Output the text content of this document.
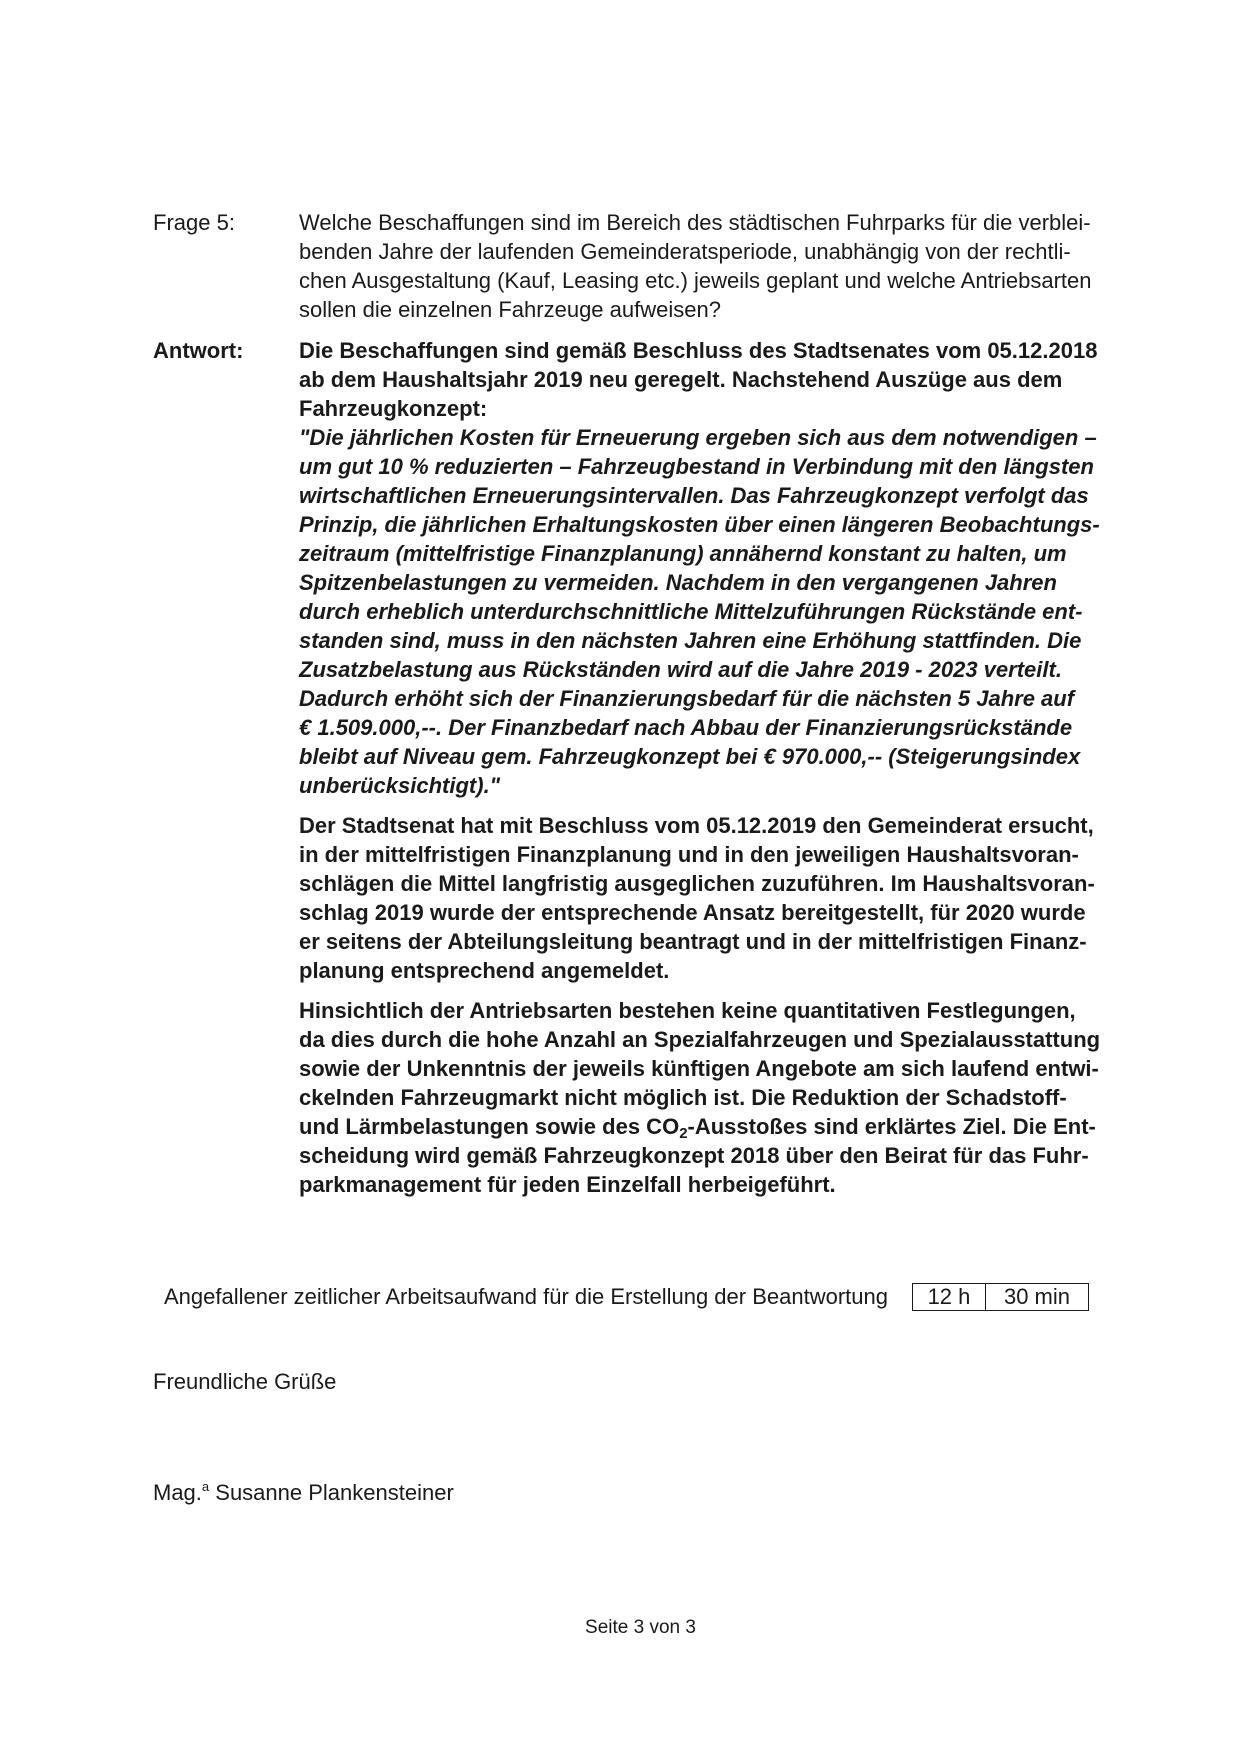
Frage 5:	Welche Beschaffungen sind im Bereich des städtischen Fuhrparks für die verblei-
benden Jahre der laufenden Gemeinderatsperiode, unabhängig von der rechtli-
chen Ausgestaltung (Kauf, Leasing etc.) jeweils geplant und welche Antriebsarten
sollen die einzelnen Fahrzeuge aufweisen?
Antwort:	Die Beschaffungen sind gemäß Beschluss des Stadtsenates vom 05.12.2018
ab dem Haushaltsjahr 2019 neu geregelt. Nachstehend Auszüge aus dem
Fahrzeugkonzept:
"Die jährlichen Kosten für Erneuerung ergeben sich aus dem notwendigen –
um gut 10 % reduzierten – Fahrzeugbestand in Verbindung mit den längsten
wirtschaftlichen Erneuerungsintervallen. Das Fahrzeugkonzept verfolgt das
Prinzip, die jährlichen Erhaltungskosten über einen längeren Beobachtungs-
zeitraum (mittelfristige Finanzplanung) annähernd konstant zu halten, um
Spitzenbelastungen zu vermeiden. Nachdem in den vergangenen Jahren
durch erheblich unterdurchschnittliche Mittelzuführungen Rückstände ent-
standen sind, muss in den nächsten Jahren eine Erhöhung stattfinden. Die
Zusatzbelastung aus Rückständen wird auf die Jahre 2019 - 2023 verteilt.
Dadurch erhöht sich der Finanzierungsbedarf für die nächsten 5 Jahre auf
€ 1.509.000,--. Der Finanzbedarf nach Abbau der Finanzierungsrückstände
bleibt auf Niveau gem. Fahrzeugkonzept bei € 970.000,-- (Steigerungsindex
unberücksichtigt)."
Der Stadtsenat hat mit Beschluss vom 05.12.2019 den Gemeinderat ersucht,
in der mittelfristigen Finanzplanung und in den jeweiligen Haushaltsvoran-
schlägen die Mittel langfristig ausgeglichen zuzuführen. Im Haushaltsvoran-
schlag 2019 wurde der entsprechende Ansatz bereitgestellt, für 2020 wurde
er seitens der Abteilungsleitung beantragt und in der mittelfristigen Finanz-
planung entsprechend angemeldet.
Hinsichtlich der Antriebsarten bestehen keine quantitativen Festlegungen,
da dies durch die hohe Anzahl an Spezialfahrzeugen und Spezialausstattung
sowie der Unkenntnis der jeweils künftigen Angebote am sich laufend entwi-
ckelnden Fahrzeugmarkt nicht möglich ist. Die Reduktion der Schadstoff-
und Lärmbelastungen sowie des $CO_2$-Ausstoßes sind erklärtes Ziel. Die Ent-
scheidung wird gemäß Fahrzeugkonzept 2018 über den Beirat für das Fuhr-
parkmanagement für jeden Einzelfall herbeigeführt.
Angefallener zeitlicher Arbeitsaufwand für die Erstellung der Beantwortung	12 h	30 min
Freundliche Grüße
Mag.$^a$ Susanne Plankensteiner
Seite 3 von 3
